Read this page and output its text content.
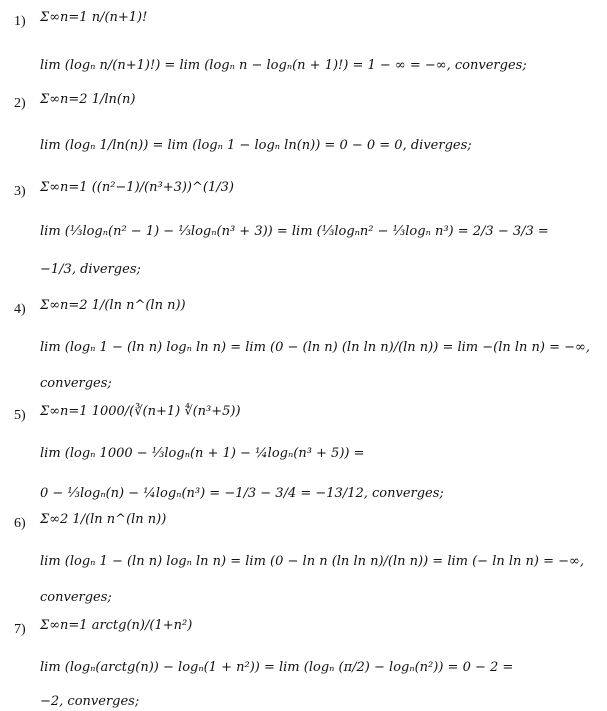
1) Σ∞n=1 n/(n+1)!
lim (logₙ n/(n+1)!) = lim (logₙ n − logₙ(n + 1)!) = 1 − ∞ = −∞, converges;
2) Σ∞n=2 1/ln(n)
lim (logₙ 1/ln(n)) = lim (logₙ 1 − logₙ ln(n)) = 0 − 0 = 0, diverges;
3) Σ∞n=1 ((n²−1)/(n³+3))^(1/3)
lim (⅓logₙ(n² − 1) − ⅓logₙ(n³ + 3)) = lim (⅓logₙn² − ⅓logₙ n³) = 2/3 − 3/3 =
−1/3, diverges;
4) Σ∞n=2 1/(ln n^(ln n))
lim (logₙ 1 − (ln n) logₙ ln n) = lim (0 − (ln n) (ln ln n)/(ln n)) = lim −(ln ln n) = −∞,
converges;
5) Σ∞n=1 1000/(∛(n+1) ∜(n³+5))
lim (logₙ 1000 − ⅓logₙ(n + 1) − ¼logₙ(n³ + 5)) =
0 − ⅓logₙ(n) − ¼logₙ(n³) = −1/3 − 3/4 = −13/12, converges;
6) Σ∞2 1/(ln n^(ln n))
lim (logₙ 1 − (ln n) logₙ ln n) = lim (0 − ln n (ln ln n)/(ln n)) = lim (− ln ln n) = −∞,
converges;
7) Σ∞n=1 arctg(n)/(1+n²)
lim (logₙ(arctg(n)) − logₙ(1 + n²)) = lim (logₙ (π/2) − logₙ(n²)) = 0 − 2 =
−2, converges;
